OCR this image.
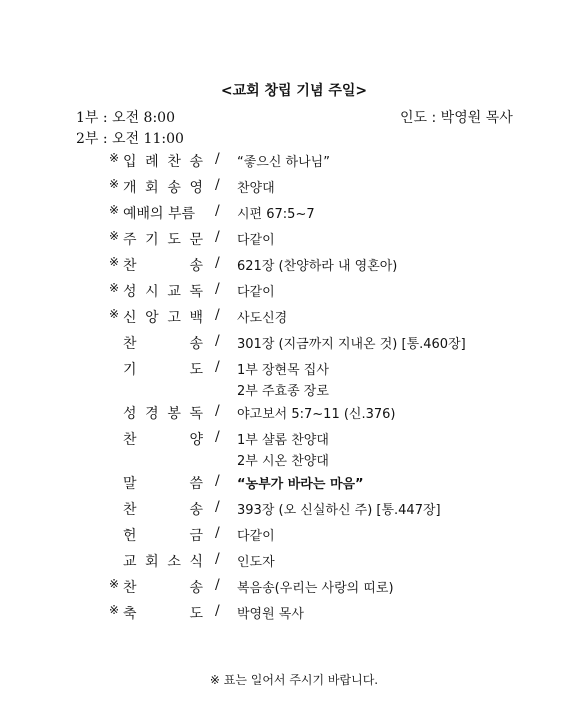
<교회 창립 기념 주일>
1부 : 오전 8:00
2부 : 오전 11:00
인도 : 박영원 목사
※ 입 례 찬 송 / “좋으신 하나님”
※ 개 회 송 영 / 찬양대
※ 예배의 부름 / 시편 67:5~7
※ 주 기 도 문 / 다같이
※ 찬	송 / 621장 (찬양하라 내 영혼아)
※ 성 시 교 독 / 다같이
※ 신 앙 고 백 / 사도신경
찬	송 / 301장 (지금까지 지내온 것) [통.460장]
기	도 / 1부 장현목 집사
2부 주효종 장로
성 경 봉 독 / 야고보서 5:7~11 (신.376)
찬	양 / 1부 샬롬 찬양대
2부 시온 찬양대
말	씀 / “농부가 바라는 마음”
찬	송 / 393장 (오 신실하신 주) [통.447장]
헌	금 / 다같이
교 회 소 식 / 인도자
※ 찬	송 / 복음송(우리는 사랑의 띠로)
※ 축	도 / 박영원 목사
※ 표는 일어서 주시기 바랍니다.
